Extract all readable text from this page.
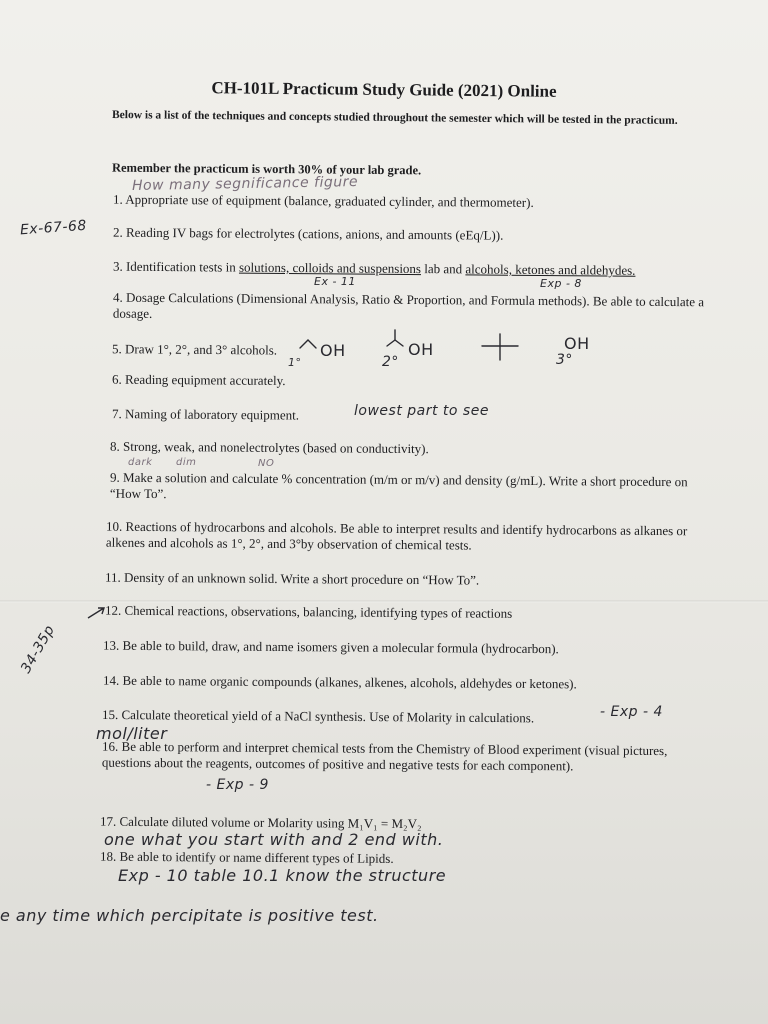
CH-101L Practicum Study Guide (2021) Online
Below is a list of the techniques and concepts studied throughout the semester which will be tested in the practicum.
Remember the practicum is worth 30% of your lab grade.
How many segnificance figure
1. Appropriate use of equipment (balance, graduated cylinder, and thermometer).
Ex-67-68 2. Reading IV bags for electrolytes (cations, anions, and amounts (eEq/L)).
3. Identification tests in solutions, colloids and suspensions lab and alcohols, ketones and aldehydes.
Ex - 11	Exp - 8
4. Dosage Calculations (Dimensional Analysis, Ratio & Proportion, and Formula methods). Be able to calculate a dosage.
5. Draw 1°, 2°, and 3° alcohols.	OH
1°
OH
2°
OH
3°
6. Reading equipment accurately.
7. Naming of laboratory equipment.	lowest part to see
8. Strong, weak, and nonelectrolytes (based on conductivity).
dark dim	NO
9. Make a solution and calculate % concentration (m/m or m/v) and density (g/mL). Write a short procedure on “How To”.
10. Reactions of hydrocarbons and alcohols. Be able to interpret results and identify hydrocarbons as alkanes or alkenes and alcohols as 1°, 2°, and 3°by observation of chemical tests.
11. Density of an unknown solid. Write a short procedure on “How To”.
12. Chemical reactions, observations, balancing, identifying types of reactions
34-35p	13. Be able to build, draw, and name isomers given a molecular formula (hydrocarbon).
14. Be able to name organic compounds (alkanes, alkenes, alcohols, aldehydes or ketones).
15. Calculate theoretical yield of a NaCl synthesis. Use of Molarity in calculations.	- Exp - 4
mol/liter
16. Be able to perform and interpret chemical tests from the Chemistry of Blood experiment (visual pictures, questions about the reagents, outcomes of positive and negative tests for each component).
- Exp - 9
17. Calculate diluted volume or Molarity using M₁V₁ = M₂V₂
one what you start with and 2 end with.
18. Be able to identify or name different types of Lipids.
Exp - 10 table 10.1 know the structure
e any time which percipitate is positive test.
